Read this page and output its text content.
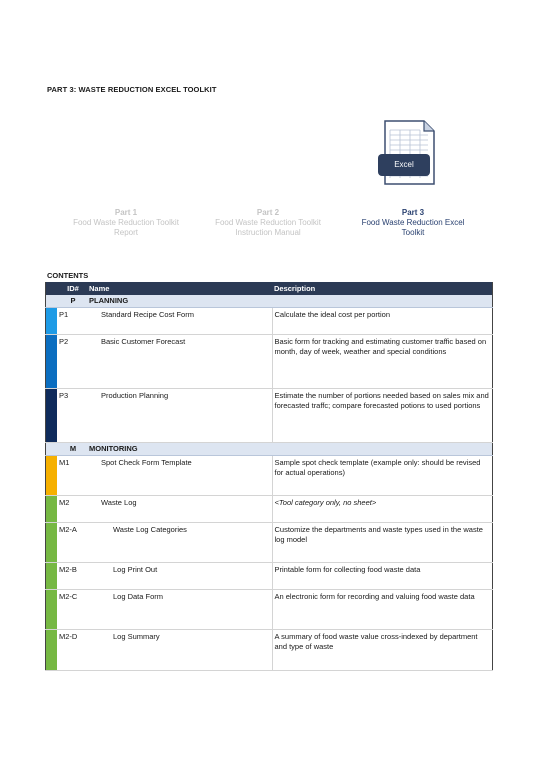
PART 3: WASTE REDUCTION EXCEL TOOLKIT
Excel
Part 1
Food Waste Reduction Toolkit Report
Part 2
Food Waste Reduction Toolkit Instruction Manual
Part 3
Food Waste Reduction Excel Toolkit
CONTENTS
	ID#	Name	Description
	P	PLANNING	
	P1	Standard Recipe Cost Form	Calculate the ideal cost per portion
	P2	Basic Customer Forecast	Basic form for tracking and estimating customer traffic based on month, day of week, weather and special conditions
	P3	Production Planning	Estimate the number of portions needed based on sales mix and forecasted traffc; compare forecasted potions to used portions
	M	MONITORING	
	M1	Spot Check Form Template	Sample spot check template (example only: should be revised for actual operations)
	M2	Waste Log	<Tool category only, no sheet>
	M2-A	Waste Log Categories	Customize the departments and waste types used in the waste log model
	M2-B	Log Print Out	Printable form for collecting food waste data
	M2-C	Log Data Form	An electronic form for recording and valuing food waste data
	M2-D	Log Summary	A summary of food waste value cross-indexed by department and type of waste
